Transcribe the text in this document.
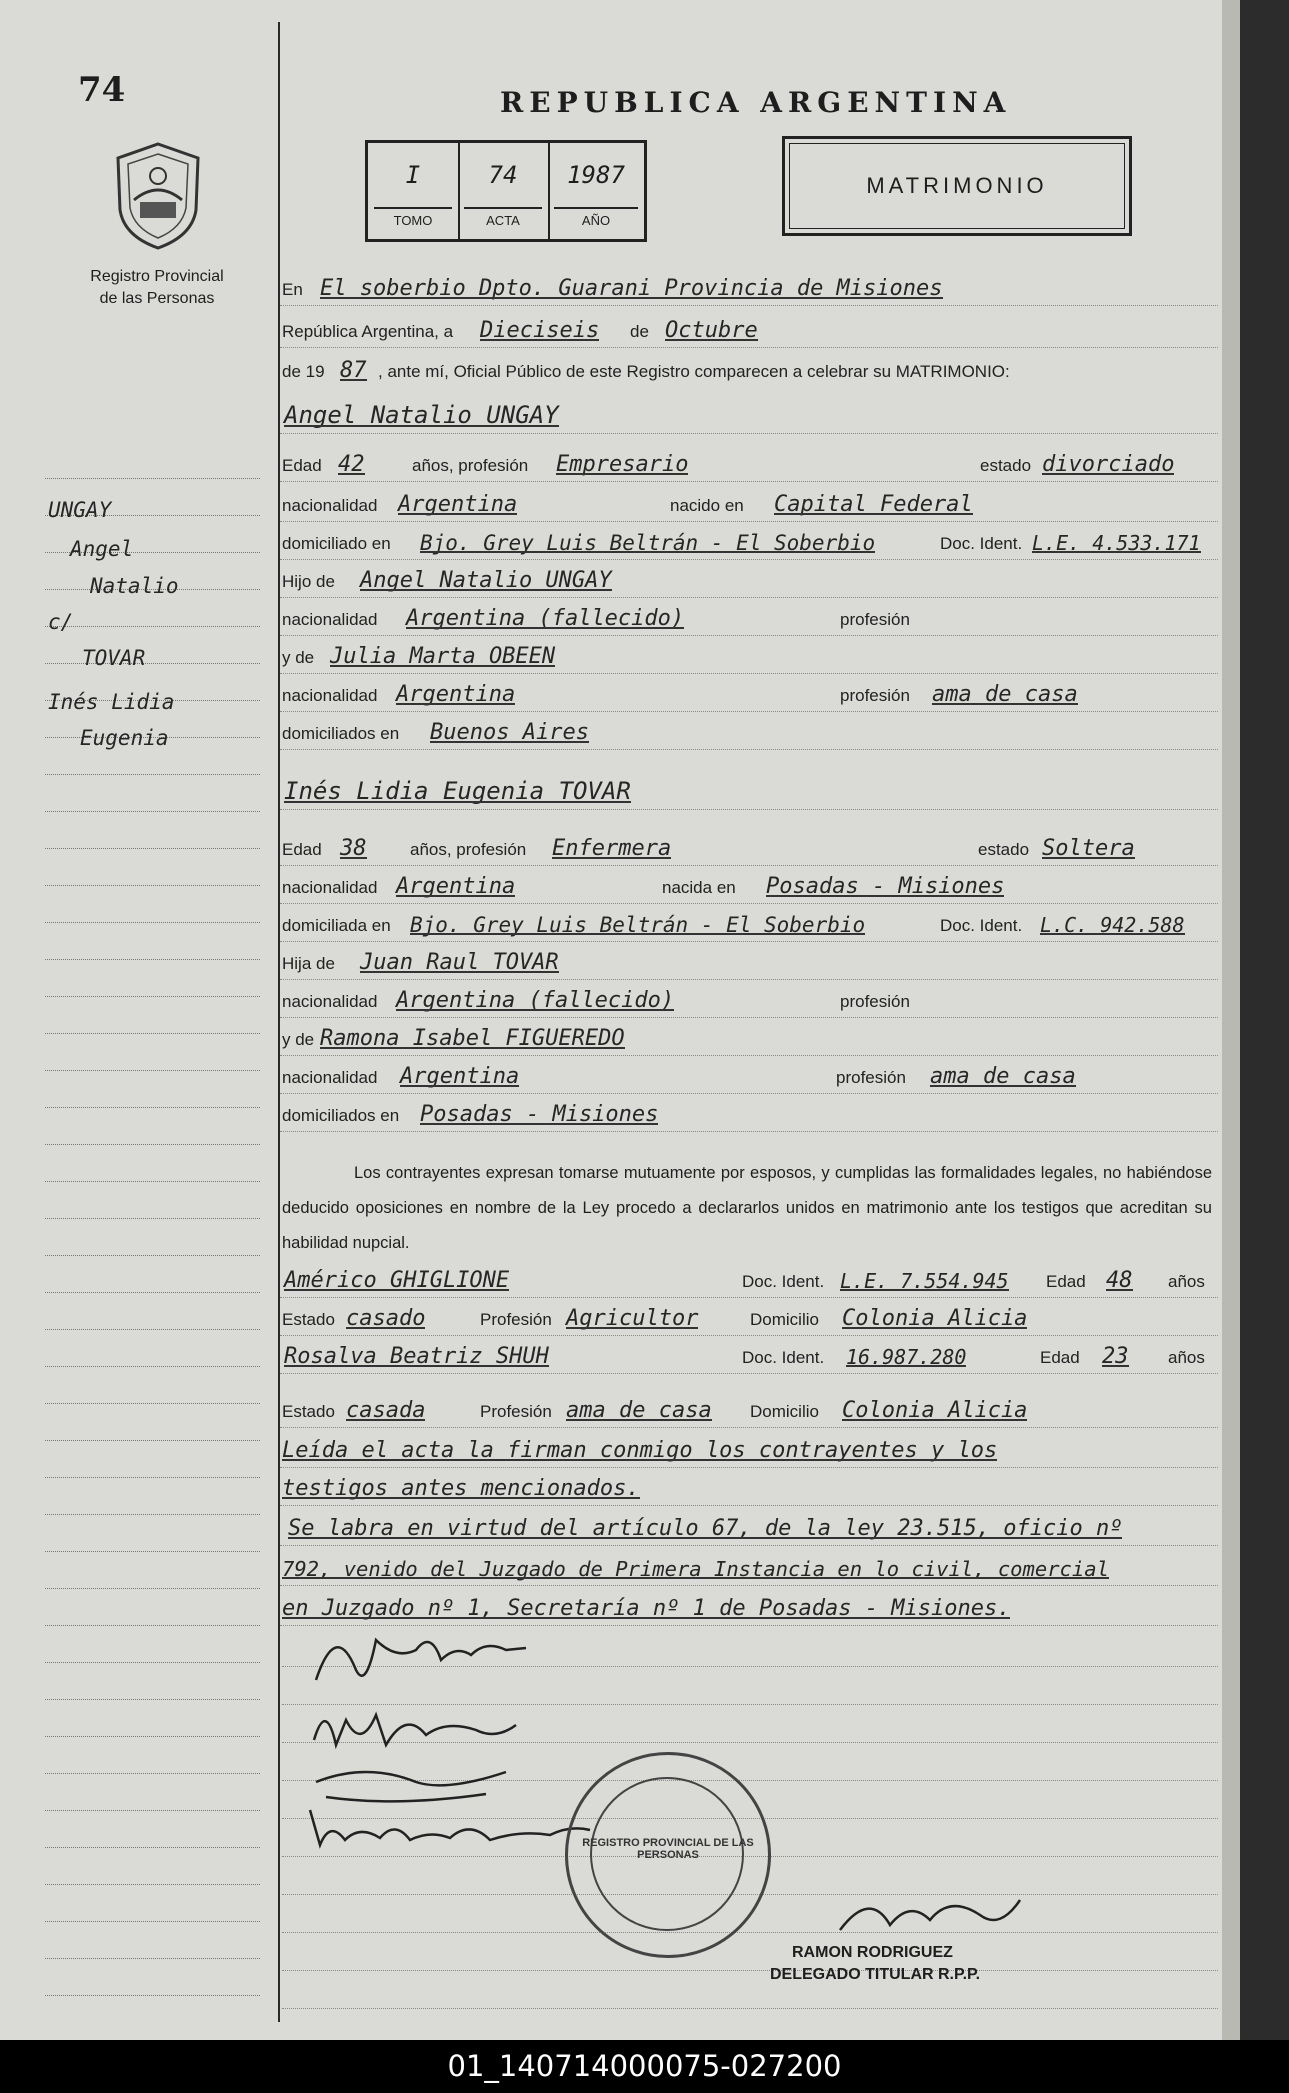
74
Registro Provincial
de las Personas
UNGAY
Angel
Natalio
c/
TOVAR
Inés Lidia
Eugenia
REPUBLICA ARGENTINA
I
TOMO
74
ACTA
1987
AÑO
MATRIMONIO
En El soberbio Dpto. Guarani Provincia de Misiones
República Argentina, a Dieciseis de Octubre
de 19 87 , ante mí, Oficial Público de este Registro comparecen a celebrar su MATRIMONIO:
Angel Natalio UNGAY
Edad 42	años, profesión Empresario	estado divorciado
nacionalidad Argentina	nacido en Capital Federal
domiciliado en Bjo. Grey Luis Beltrán - El Soberbio	Doc. Ident. L.E. 4.533.171
Hijo de Angel Natalio UNGAY
nacionalidad Argentina (fallecido)	profesión
y de Julia Marta OBEEN
nacionalidad Argentina	profesión ama de casa
domiciliados en Buenos Aires
Inés Lidia Eugenia TOVAR
Edad 38	años, profesión Enfermera	estado Soltera
nacionalidad Argentina	nacida en Posadas - Misiones
domiciliada en Bjo. Grey Luis Beltrán - El Soberbio	Doc. Ident. L.C. 942.588
Hija de Juan Raul TOVAR
nacionalidad Argentina (fallecido)	profesión
y de Ramona Isabel FIGUEREDO
nacionalidad Argentina	profesión ama de casa
domiciliados en Posadas - Misiones
Los contrayentes expresan tomarse mutuamente por esposos, y cumplidas las formalidades legales, no habiéndose deducido oposiciones en nombre de la Ley procedo a declararlos unidos en matrimonio ante los testigos que acreditan su habilidad nupcial.
Américo GHIGLIONE	Doc. Ident. L.E. 7.554.945 Edad 48 años
Estado casado	Profesión Agricultor	Domicilio Colonia Alicia
Rosalva Beatriz SHUH	Doc. Ident. 16.987.280	Edad 23 años
Estado casada	Profesión ama de casa Domicilio Colonia Alicia
Leída el acta la firman conmigo los contrayentes y los
testigos antes mencionados.
Se labra en virtud del artículo 67, de la ley 23.515, oficio nº
792, venido del Juzgado de Primera Instancia en lo civil, comercial
en Juzgado nº 1, Secretaría nº 1 de Posadas - Misiones.
REGISTRO PROVINCIAL DE LAS PERSONAS
RAMON RODRIGUEZ
DELEGADO TITULAR R.P.P.
01_140714000075-027200
